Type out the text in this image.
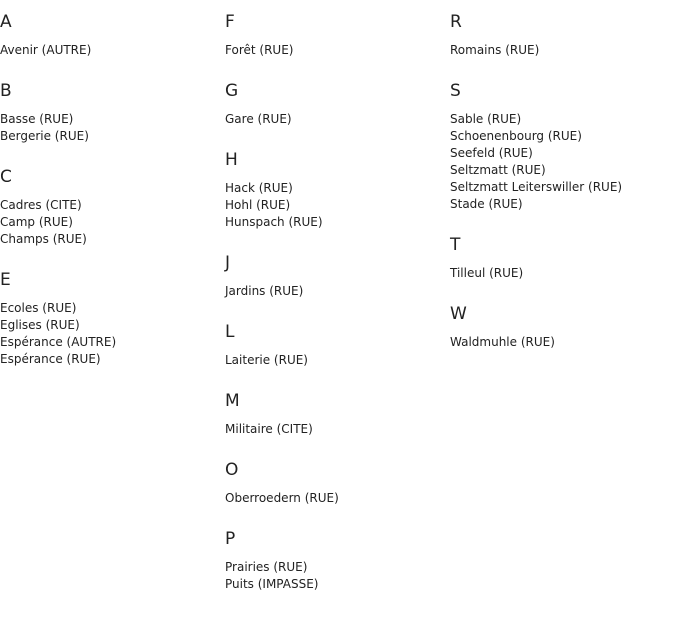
A
Avenir (AUTRE)
B
Basse (RUE)
Bergerie (RUE)
C
Cadres (CITE)
Camp (RUE)
Champs (RUE)
E
Ecoles (RUE)
Eglises (RUE)
Espérance (AUTRE)
Espérance (RUE)
F
Forêt (RUE)
G
Gare (RUE)
H
Hack (RUE)
Hohl (RUE)
Hunspach (RUE)
J
Jardins (RUE)
L
Laiterie (RUE)
M
Militaire (CITE)
O
Oberroedern (RUE)
P
Prairies (RUE)
Puits (IMPASSE)
R
Romains (RUE)
S
Sable (RUE)
Schoenenbourg (RUE)
Seefeld (RUE)
Seltzmatt (RUE)
Seltzmatt Leiterswiller (RUE)
Stade (RUE)
T
Tilleul (RUE)
W
Waldmuhle (RUE)
